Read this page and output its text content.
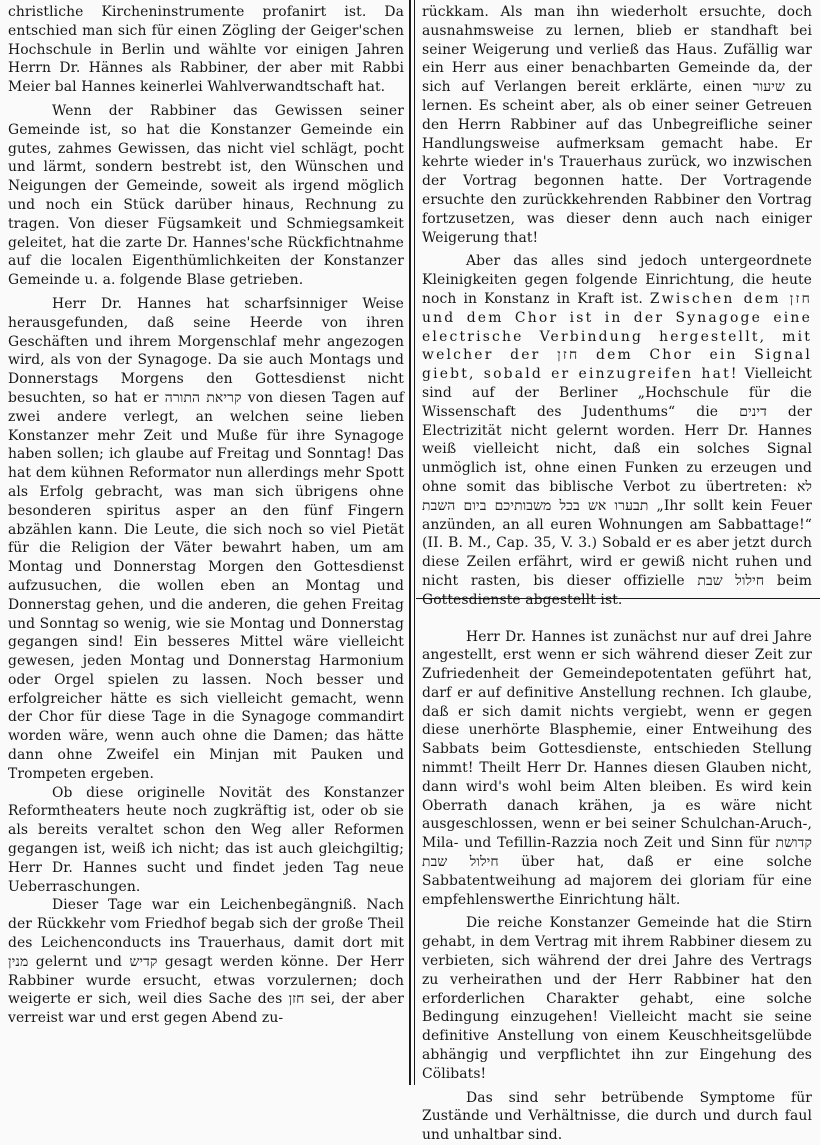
christliche Kircheninstrumente profanirt ist. Da entschied man sich für einen Zögling der Geiger'schen Hochschule in Berlin und wählte vor einigen Jahren Herrn Dr. Hännes als Rabbiner, der aber mit Rabbi Meier bal Hannes keinerlei Wahlverwandtschaft hat.

Wenn der Rabbiner das Gewissen seiner Gemeinde ist, so hat die Konstanzer Gemeinde ein gutes, zahmes Gewissen, das nicht viel schlägt, pocht und lärmt, sondern bestrebt ist, den Wünschen und Neigungen der Gemeinde, soweit als irgend möglich und noch ein Stück darüber hinaus, Rechnung zu tragen. Von dieser Fügsamkeit und Schmiegsamkeit geleitet, hat die zarte Dr. Hannes'sche Rückfichtnahme auf die localen Eigenthümlichkeiten der Konstanzer Gemeinde u. a. folgende Blase getrieben.

Herr Dr. Hannes hat scharfsinniger Weise herausgefunden, daß seine Heerde von ihren Geschäften und ihrem Morgenschlaf mehr angezogen wird, als von der Synagoge. Da sie auch Montags und Donnerstags Morgens den Gottesdienst nicht besuchten, so hat er קריאת התורה von diesen Tagen auf zwei andere verlegt, an welchen seine lieben Konstanzer mehr Zeit und Muße für ihre Synagoge haben sollen; ich glaube auf Freitag und Sonntag! Das hat dem kühnen Reformator nun allerdings mehr Spott als Erfolg gebracht, was man sich übrigens ohne besonderen spiritus asper an den fünf Fingern abzählen kann. Die Leute, die sich noch so viel Pietät für die Religion der Väter bewahrt haben, um am Montag und Donnerstag Morgen den Gottesdienst aufzusuchen, die wollen eben an Montag und Donnerstag gehen, und die anderen, die gehen Freitag und Sonntag so wenig, wie sie Montag und Donnerstag gegangen sind! Ein besseres Mittel wäre vielleicht gewesen, jeden Montag und Donnerstag Harmonium oder Orgel spielen zu lassen. Noch besser und erfolgreicher hätte es sich vielleicht gemacht, wenn der Chor für diese Tage in die Synagoge commandirt worden wäre, wenn auch ohne die Damen; das hätte dann ohne Zweifel ein Minjan mit Pauken und Trompeten ergeben.

Ob diese originelle Novität des Konstanzer Reformtheaters heute noch zugkräftig ist, oder ob sie als bereits veraltet schon den Weg aller Reformen gegangen ist, weiß ich nicht; das ist auch gleichgiltig; Herr Dr. Hannes sucht und findet jeden Tag neue Ueberraschungen.

Dieser Tage war ein Leichenbegängniß. Nach der Rückkehr vom Friedhof begab sich der große Theil des Leichenconducts ins Trauerhaus, damit dort mit מנין gelernt und קדיש gesagt werden könne. Der Herr Rabbiner wurde ersucht, etwas vorzulernen; doch weigerte er sich, weil dies Sache des חזן sei, der aber verreist war und erst gegen Abend zu-

rückkam. Als man ihn wiederholt ersuchte, doch ausnahmsweise zu lernen, blieb er standhaft bei seiner Weigerung und verließ das Haus. Zufällig war ein Herr aus einer benachbarten Gemeinde da, der sich auf Verlangen bereit erklärte, einen שיעור zu lernen. Es scheint aber, als ob einer seiner Getreuen den Herrn Rabbiner auf das Unbegreifliche seiner Handlungsweise aufmerksam gemacht habe. Er kehrte wieder in's Trauerhaus zurück, wo inzwischen der Vortrag begonnen hatte. Der Vortragende ersuchte den zurückkehrenden Rabbiner den Vortrag fortzusetzen, was dieser denn auch nach einiger Weigerung that!

Aber das alles sind jedoch untergeordnete Kleinigkeiten gegen folgende Einrichtung, die heute noch in Konstanz in Kraft ist. Zwischen dem חזן und dem Chor ist in der Synagoge eine electrische Verbindung hergestellt, mit welcher der חזן dem Chor ein Signal giebt, sobald er einzugreifen hat! Vielleicht sind auf der Berliner „Hochschule für die Wissenschaft des Judenthums“ die דינים der Electrizität nicht gelernt worden. Herr Dr. Hannes weiß vielleicht nicht, daß ein solches Signal unmöglich ist, ohne einen Funken zu erzeugen und ohne somit das biblische Verbot zu übertreten: לא תבערו אש בכל משבותיכם ביום השבת „Ihr sollt kein Feuer anzünden, an all euren Wohnungen am Sabbattage!“ (II. B. M., Cap. 35, V. 3.) Sobald er es aber jetzt durch diese Zeilen erfährt, wird er gewiß nicht ruhen und nicht rasten, bis dieser offizielle חילול שבת beim Gottesdienste abgestellt ist.

Herr Dr. Hannes ist zunächst nur auf drei Jahre angestellt, erst wenn er sich während dieser Zeit zur Zufriedenheit der Gemeindepotentaten geführt hat, darf er auf definitive Anstellung rechnen. Ich glaube, daß er sich damit nichts vergiebt, wenn er gegen diese unerhörte Blasphemie, einer Entweihung des Sabbats beim Gottesdienste, entschieden Stellung nimmt! Theilt Herr Dr. Hannes diesen Glauben nicht, dann wird's wohl beim Alten bleiben. Es wird kein Oberrath danach krähen, ja es wäre nicht ausgeschlossen, wenn er bei seiner Schulchan-Aruch-, Mila- und Tefillin-Razzia noch Zeit und Sinn für קדושת חילול שבת über hat, daß er eine solche Sabbatentweihung ad majorem dei gloriam für eine empfehlenswerthe Einrichtung hält.

Die reiche Konstanzer Gemeinde hat die Stirn gehabt, in dem Vertrag mit ihrem Rabbiner diesem zu verbieten, sich während der drei Jahre des Vertrags zu verheirathen und der Herr Rabbiner hat den erforderlichen Charakter gehabt, eine solche Bedingung einzugehen! Vielleicht macht sie seine definitive Anstellung von einem Keuschheitsgelübde abhängig und verpflichtet ihn zur Eingehung des Cölibats!

Das sind sehr betrübende Symptome für Zustände und Verhältnisse, die durch und durch faul und unhaltbar sind.
